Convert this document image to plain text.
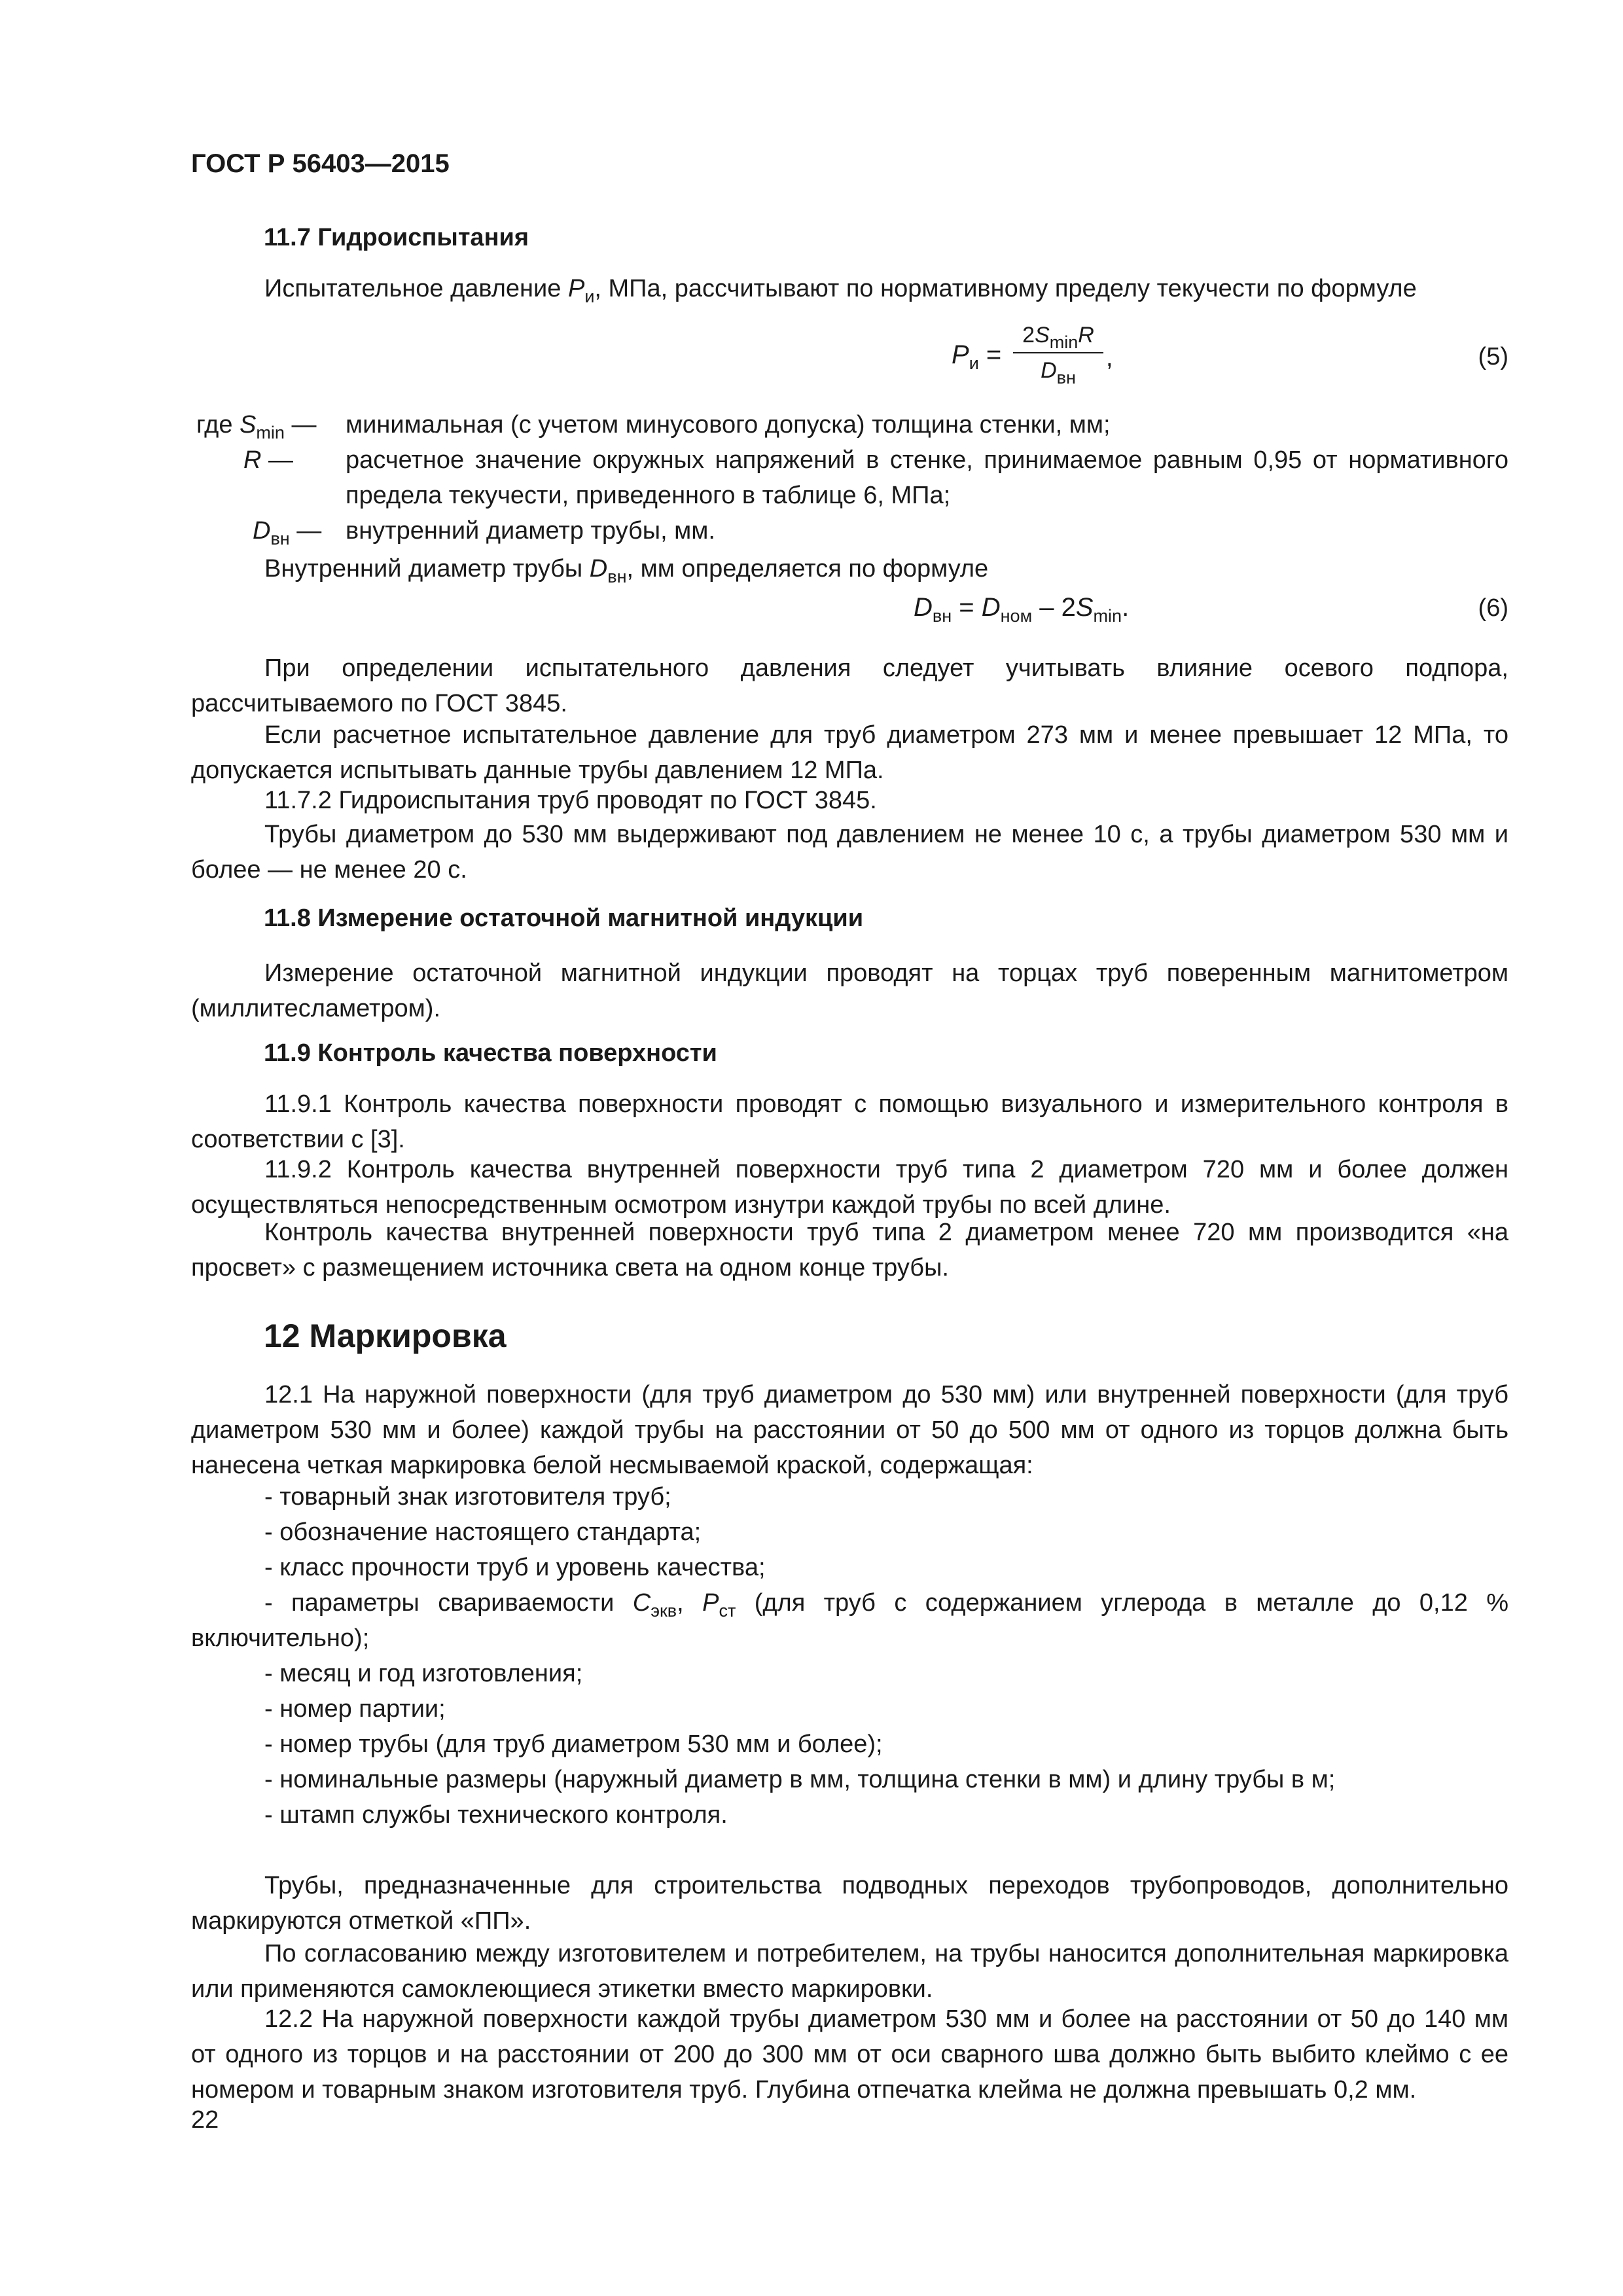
ГОСТ Р 56403—2015
11.7 Гидроиспытания
Испытательное давление $P_и$, МПа, рассчитывают по нормативному пределу текучести по формуле
$P_и$ =
$2S_{min}R$
$D_{вн}$
,	(5)
где $S_{min}$ —	минимальная (с учетом минусового допуска) толщина стенки, мм;
R —	расчетное значение окружных напряжений в стенке, принимаемое равным 0,95 от нормативного предела текучести, приведенного в таблице 6, МПа;
$D_{вн}$ — внутренний диаметр трубы, мм.
Внутренний диаметр трубы $D_{вн}$, мм определяется по формуле
$D_{вн} = D_{ном} - 2S_{min}$.	(6)
При определении испытательного давления следует учитывать влияние осевого подпора, рассчитываемого по ГОСТ 3845.
Если расчетное испытательное давление для труб диаметром 273 мм и менее превышает 12 МПа, то допускается испытывать данные трубы давлением 12 МПа.
11.7.2 Гидроиспытания труб проводят по ГОСТ 3845.
Трубы диаметром до 530 мм выдерживают под давлением не менее 10 с, а трубы диаметром 530 мм и более — не менее 20 с.
11.8 Измерение остаточной магнитной индукции
Измерение остаточной магнитной индукции проводят на торцах труб поверенным магнитометром (миллитесламетром).
11.9 Контроль качества поверхности
11.9.1 Контроль качества поверхности проводят с помощью визуального и измерительного контроля в соответствии с [3].
11.9.2 Контроль качества внутренней поверхности труб типа 2 диаметром 720 мм и более должен осуществляться непосредственным осмотром изнутри каждой трубы по всей длине.
Контроль качества внутренней поверхности труб типа 2 диаметром менее 720 мм производится «на просвет» с размещением источника света на одном конце трубы.
12 Маркировка
12.1 На наружной поверхности (для труб диаметром до 530 мм) или внутренней поверхности (для труб диаметром 530 мм и более) каждой трубы на расстоянии от 50 до 500 мм от одного из торцов должна быть нанесена четкая маркировка белой несмываемой краской, содержащая:
- товарный знак изготовителя труб;
- обозначение настоящего стандарта;
- класс прочности труб и уровень качества;
- параметры свариваемости $C_{экв}$, $P_{ст}$ (для труб с содержанием углерода в металле до 0,12 % включительно);
- месяц и год изготовления;
- номер партии;
- номер трубы (для труб диаметром 530 мм и более);
- номинальные размеры (наружный диаметр в мм, толщина стенки в мм) и длину трубы в м;
- штамп службы технического контроля.
Трубы, предназначенные для строительства подводных переходов трубопроводов, дополнительно маркируются отметкой «ПП».
По согласованию между изготовителем и потребителем, на трубы наносится дополнительная маркировка или применяются самоклеющиеся этикетки вместо маркировки.
12.2 На наружной поверхности каждой трубы диаметром 530 мм и более на расстоянии от 50 до 140 мм от одного из торцов и на расстоянии от 200 до 300 мм от оси сварного шва должно быть выбито клеймо с ее номером и товарным знаком изготовителя труб. Глубина отпечатка клейма не должна превышать 0,2 мм.
22
